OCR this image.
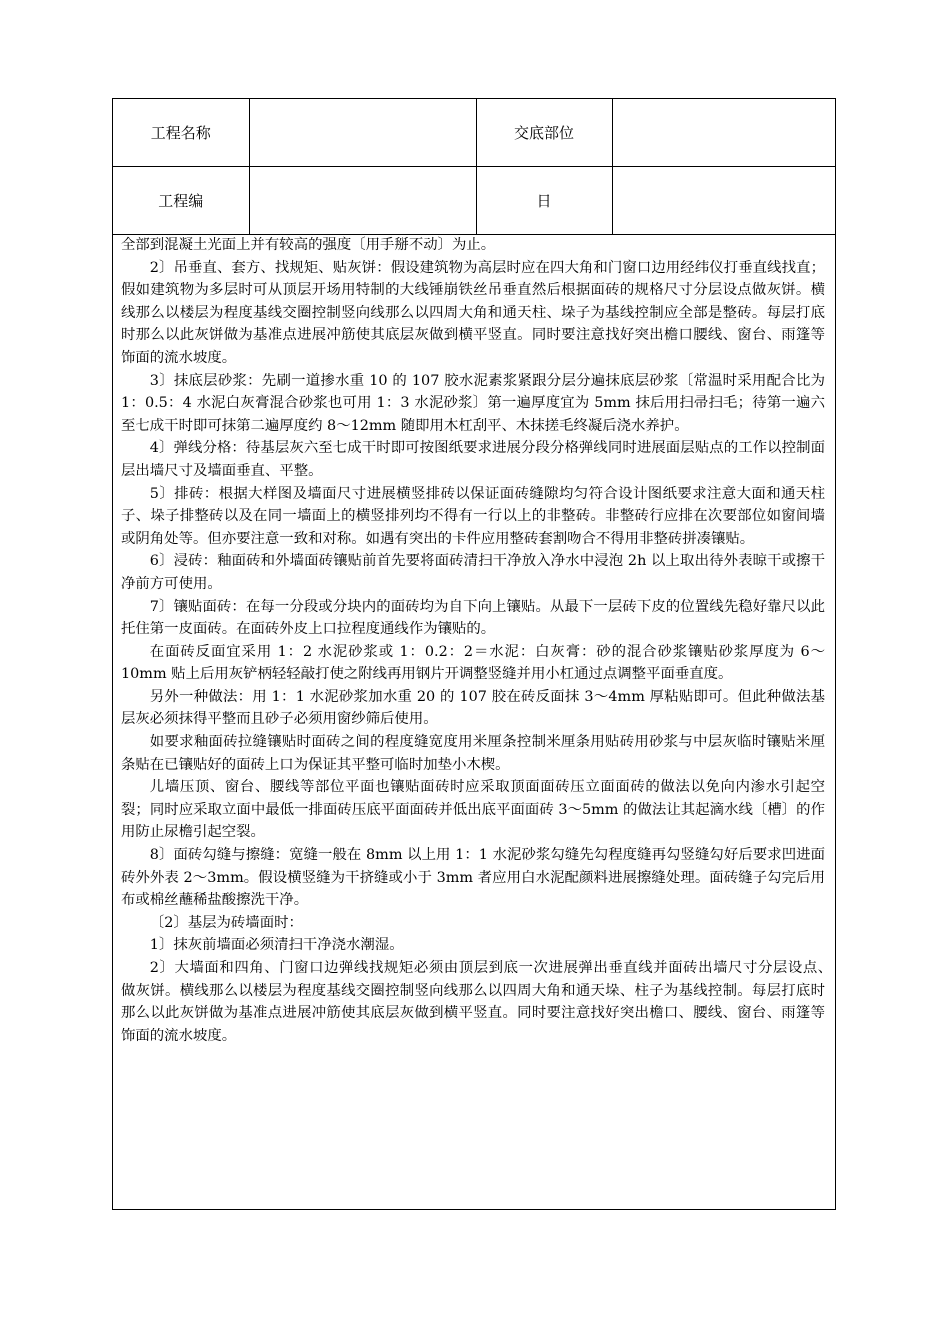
工程名称		交底部位	
工程编		日	

全部到混凝土光面上并有较高的强度〔用手掰不动〕为止。

2〕吊垂直、套方、找规矩、贴灰饼：假设建筑物为高层时应在四大角和门窗口边用经纬仪打垂直线找直；假如建筑物为多层时可从顶层开场用特制的大线锤崩铁丝吊垂直然后根据面砖的规格尺寸分层设点做灰饼。横线那么以楼层为程度基线交圈控制竖向线那么以四周大角和通天柱、垛子为基线控制应全部是整砖。每层打底时那么以此灰饼做为基准点进展冲筋使其底层灰做到横平竖直。同时要注意找好突出檐口腰线、窗台、雨篷等饰面的流水坡度。

3〕抹底层砂浆：先刷一道掺水重 10 的 107 胶水泥素浆紧跟分层分遍抹底层砂浆〔常温时采用配合比为 1：0.5：4 水泥白灰膏混合砂浆也可用 1：3 水泥砂浆〕第一遍厚度宜为 5mm 抹后用扫帚扫毛；待第一遍六至七成干时即可抹第二遍厚度约 8～12mm 随即用木杠刮平、木抹搓毛终凝后浇水养护。

4〕弹线分格：待基层灰六至七成干时即可按图纸要求进展分段分格弹线同时进展面层贴点的工作以控制面层出墙尺寸及墙面垂直、平整。

5〕排砖：根据大样图及墙面尺寸进展横竖排砖以保证面砖缝隙均匀符合设计图纸要求注意大面和通天柱子、垛子排整砖以及在同一墙面上的横竖排列均不得有一行以上的非整砖。非整砖行应排在次要部位如窗间墙或阴角处等。但亦要注意一致和对称。如遇有突出的卡件应用整砖套割吻合不得用非整砖拼凑镶贴。

6〕浸砖：釉面砖和外墙面砖镶贴前首先要将面砖清扫干净放入净水中浸泡 2h 以上取出待外表晾干或擦干净前方可使用。

7〕镶贴面砖：在每一分段或分块内的面砖均为自下向上镶贴。从最下一层砖下皮的位置线先稳好靠尺以此托住第一皮面砖。在面砖外皮上口拉程度通线作为镶贴的。

在面砖反面宜采用 1：2 水泥砂浆或 1：0.2：2＝水泥：白灰膏：砂的混合砂浆镶贴砂浆厚度为 6～10mm 贴上后用灰铲柄轻轻敲打使之附线再用钢片开调整竖缝并用小杠通过点调整平面垂直度。

另外一种做法：用 1：1 水泥砂浆加水重 20 的 107 胶在砖反面抹 3～4mm 厚粘贴即可。但此种做法基层灰必须抹得平整而且砂子必须用窗纱筛后使用。

如要求釉面砖拉缝镶贴时面砖之间的程度缝宽度用米厘条控制米厘条用贴砖用砂浆与中层灰临时镶贴米厘条贴在已镶贴好的面砖上口为保证其平整可临时加垫小木楔。

儿墙压顶、窗台、腰线等部位平面也镶贴面砖时应采取顶面面砖压立面面砖的做法以免向内渗水引起空裂；同时应采取立面中最低一排面砖压底平面面砖并低出底平面面砖 3～5mm 的做法让其起滴水线〔槽〕的作用防止尿檐引起空裂。

8〕面砖勾缝与擦缝：宽缝一般在 8mm 以上用 1：1 水泥砂浆勾缝先勾程度缝再勾竖缝勾好后要求凹进面砖外外表 2～3mm。假设横竖缝为干挤缝或小于 3mm 者应用白水泥配颜料进展擦缝处理。面砖缝子勾完后用布或棉丝蘸稀盐酸擦洗干净。

〔2〕基层为砖墙面时：

1〕抹灰前墙面必须清扫干净浇水潮湿。

2〕大墙面和四角、门窗口边弹线找规矩必须由顶层到底一次进展弹出垂直线并面砖出墙尺寸分层设点、　做灰饼。横线那么以楼层为程度基线交圈控制竖向线那么以四周大角和通天垛、柱子为基线控制。每层打底时那么以此灰饼做为基准点进展冲筋使其底层灰做到横平竖直。同时要注意找好突出檐口、腰线、窗台、雨篷等饰面的流水坡度。
